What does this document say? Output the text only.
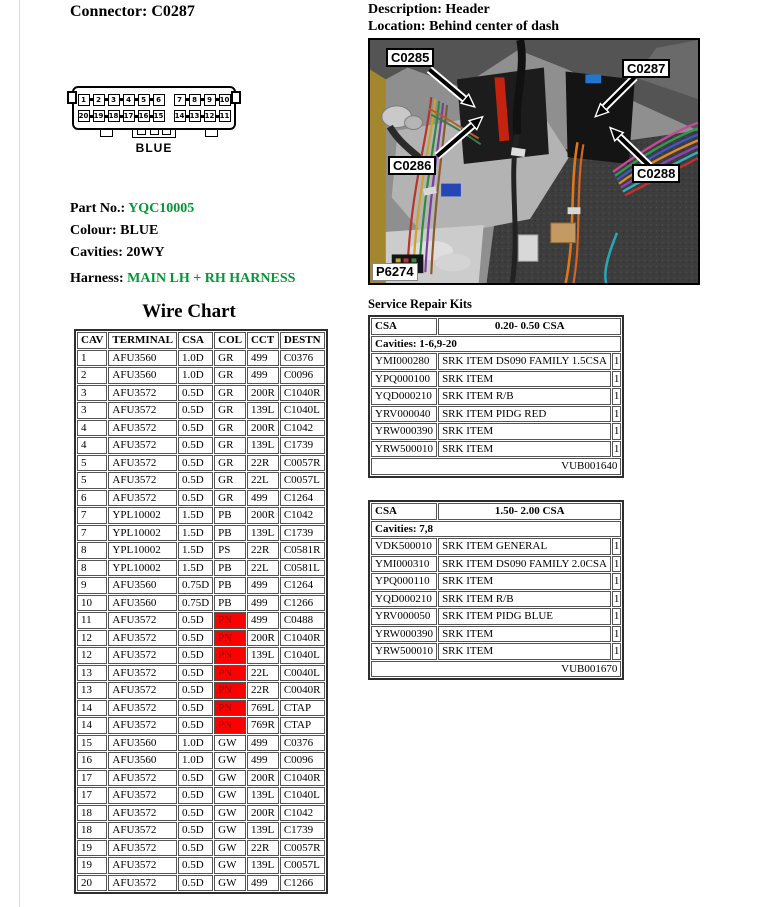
Connector: C0287
1	2	3	4	5	6	7	8	9	10
20 19 18 17 16 15 14 13 12 11
BLUE
Part No.: YQC10005
Colour: BLUE
Cavities: 20WY
Harness: MAIN LH + RH HARNESS
Wire Chart
CAV	TERMINAL	CSA	COL	CCT	DESTN
1	AFU3560	1.0D	GR	499	C0376
2	AFU3560	1.0D	GR	499	C0096
3	AFU3572	0.5D	GR	200R	C1040R
3	AFU3572	0.5D	GR	139L	C1040L
4	AFU3572	0.5D	GR	200R	C1042
4	AFU3572	0.5D	GR	139L	C1739
5	AFU3572	0.5D	GR	22R	C0057R
5	AFU3572	0.5D	GR	22L	C0057L
6	AFU3572	0.5D	GR	499	C1264
7	YPL10002	1.5D	PB	200R	C1042
7	YPL10002	1.5D	PB	139L	C1739
8	YPL10002	1.5D	PS	22R	C0581R
8	YPL10002	1.5D	PB	22L	C0581L
9	AFU3560	0.75D	PB	499	C1264
10	AFU3560	0.75D	PB	499	C1266
11	AFU3572	0.5D	PN	499	C0488
12	AFU3572	0.5D	PN	200R	C1040R
12	AFU3572	0.5D	PN	139L	C1040L
13	AFU3572	0.5D	PN	22L	C0040L
13	AFU3572	0.5D	PN	22R	C0040R
14	AFU3572	0.5D	PN	769L	CTAP
14	AFU3572	0.5D	PN	769R	CTAP
15	AFU3560	1.0D	GW	499	C0376
16	AFU3560	1.0D	GW	499	C0096
17	AFU3572	0.5D	GW	200R	C1040R
17	AFU3572	0.5D	GW	139L	C1040L
18	AFU3572	0.5D	GW	200R	C1042
18	AFU3572	0.5D	GW	139L	C1739
19	AFU3572	0.5D	GW	22R	C0057R
19	AFU3572	0.5D	GW	139L	C0057L
20	AFU3572	0.5D	GW	499	C1266
Description: Header
Location: Behind center of dash
C0285
C0286
C0287
C0288
P6274
Service Repair Kits
CSA	0.20- 0.50 CSA	
Cavities: 1-6,9-20		
YMI000280	SRK ITEM DS090 FAMILY 1.5CSA	1
YPQ000100	SRK ITEM	1
YQD000210	SRK ITEM R/B	1
YRV000040	SRK ITEM PIDG RED	1
YRW000390	SRK ITEM	1
YRW500010	SRK ITEM	1
VUB001640		
CSA	1.50- 2.00 CSA	
Cavities: 7,8		
VDK500010	SRK ITEM GENERAL	1
YMI000310	SRK ITEM DS090 FAMILY 2.0CSA	1
YPQ000110	SRK ITEM	1
YQD000210	SRK ITEM R/B	1
YRV000050	SRK ITEM PIDG BLUE	1
YRW000390	SRK ITEM	1
YRW500010	SRK ITEM	1
VUB001670		
